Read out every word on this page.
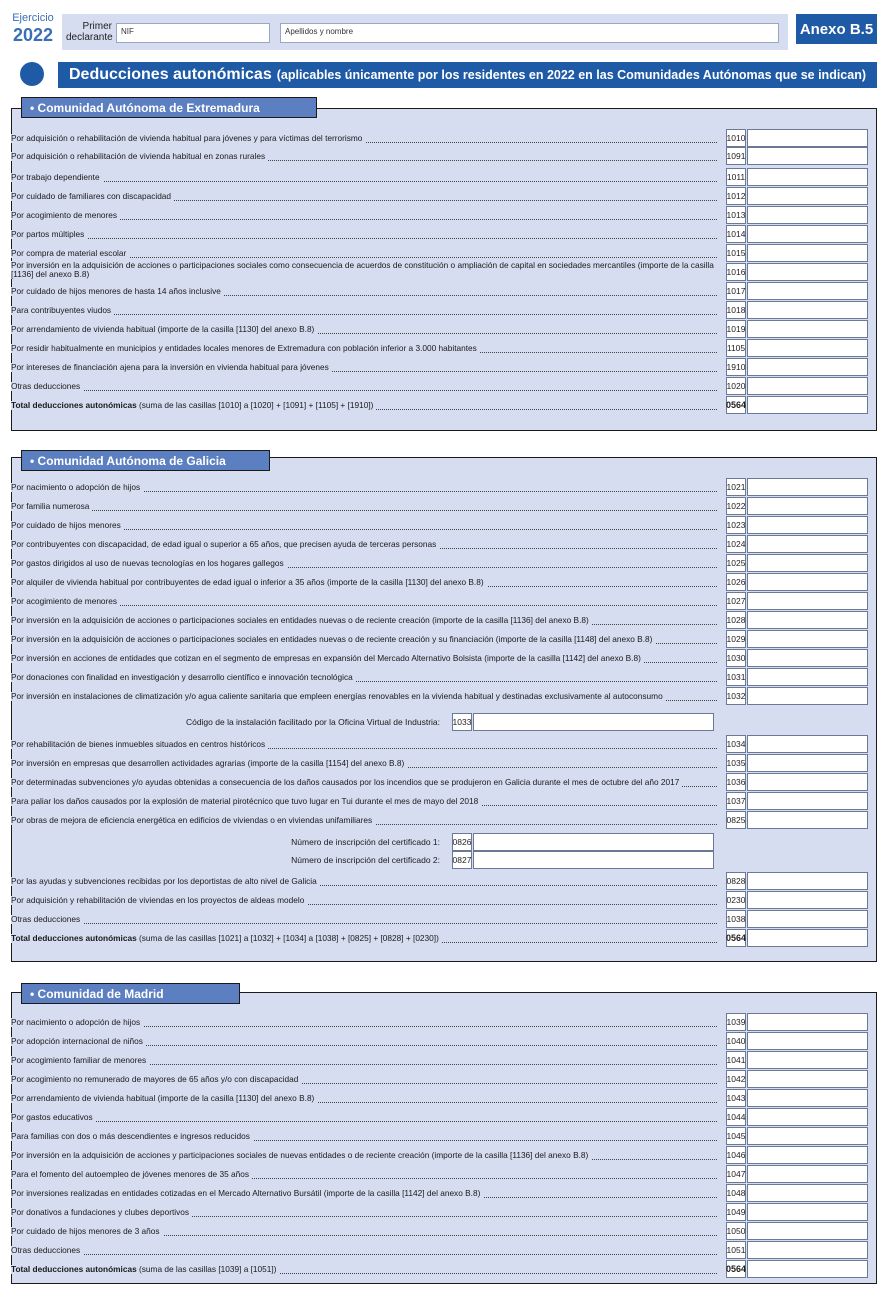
Ejercicio
2022	Primer declarante
NIF	Apellidos y nombre	Anexo B.5
Deducciones autonómicas (aplicables únicamente por los residentes en 2022 en las Comunidades Autónomas que se indican)
• Comunidad Autónoma de Extremadura
• Comunidad Autónoma de Galicia
• Comunidad de Madrid
Por adquisición o rehabilitación de vivienda habitual para jóvenes y para víctimas del terrorismo	1010
Por adquisición o rehabilitación de vivienda habitual en zonas rurales	1091
Por trabajo dependiente	1011
Por cuidado de familiares con discapacidad	1012
Por acogimiento de menores	1013
Por partos múltiples	1014
Por compra de material escolar	1015
Por inversión en la adquisición de acciones o participaciones sociales como consecuencia de acuerdos de constitución o ampliación de capital en sociedades mercantiles (importe de la casilla [1136] del anexo B.8)	1016
Por cuidado de hijos menores de hasta 14 años inclusive	1017
Para contribuyentes viudos	1018
Por arrendamiento de vivienda habitual (importe de la casilla [1130] del anexo B.8)	1019
Por residir habitualmente en municipios y entidades locales menores de Extremadura con población inferior a 3.000 habitantes	1105
Por intereses de financiación ajena para la inversión en vivienda habitual para jóvenes	1910
Otras deducciones	1020
Total deducciones autonómicas (suma de las casillas [1010] a [1020] + [1091] + [1105] + [1910])	0564
Por nacimiento o adopción de hijos	1021
Por familia numerosa	1022
Por cuidado de hijos menores	1023
Por contribuyentes con discapacidad, de edad igual o superior a 65 años, que precisen ayuda de terceras personas	1024
Por gastos dirigidos al uso de nuevas tecnologías en los hogares gallegos	1025
Por alquiler de vivienda habitual por contribuyentes de edad igual o inferior a 35 años (importe de la casilla [1130] del anexo B.8)	1026
Por acogimiento de menores	1027
Por inversión en la adquisición de acciones o participaciones sociales en entidades nuevas o de reciente creación (importe de la casilla [1136] del anexo B.8)	1028
Por inversión en la adquisición de acciones o participaciones sociales en entidades nuevas o de reciente creación y su financiación (importe de la casilla [1148] del anexo B.8)	1029
Por inversión en acciones de entidades que cotizan en el segmento de empresas en expansión del Mercado Alternativo Bolsista (importe de la casilla [1142] del anexo B.8)	1030
Por donaciones con finalidad en investigación y desarrollo científico e innovación tecnológica	1031
Por inversión en instalaciones de climatización y/o agua caliente sanitaria que empleen energías renovables en la vivienda habitual y destinadas exclusivamente al autoconsumo	1032
Código de la instalación facilitado por la Oficina Virtual de Industria: 1033
Por rehabilitación de bienes inmuebles situados en centros históricos	1034
Por inversión en empresas que desarrollen actividades agrarias (importe de la casilla [1154] del anexo B.8)	1035
Por determinadas subvenciones y/o ayudas obtenidas a consecuencia de los daños causados por los incendios que se produjeron en Galicia durante el mes de octubre del año 2017	1036
Para paliar los daños causados por la explosión de material pirotécnico que tuvo lugar en Tui durante el mes de mayo del 2018	1037
Por obras de mejora de eficiencia energética en edificios de viviendas o en viviendas unifamiliares	0825
Número de inscripción del certificado 1: 0826
Número de inscripción del certificado 2: 0827
Por las ayudas y subvenciones recibidas por los deportistas de alto nivel de Galicia	0828
Por adquisición y rehabilitación de viviendas en los proyectos de aldeas modelo	0230
Otras deducciones	1038
Total deducciones autonómicas (suma de las casillas [1021] a [1032] + [1034] a [1038] + [0825] + [0828] + [0230])	0564
Por nacimiento o adopción de hijos	1039
Por adopción internacional de niños	1040
Por acogimiento familiar de menores	1041
Por acogimiento no remunerado de mayores de 65 años y/o con discapacidad	1042
Por arrendamiento de vivienda habitual (importe de la casilla [1130] del anexo B.8)	1043
Por gastos educativos	1044
Para familias con dos o más descendientes e ingresos reducidos	1045
Por inversión en la adquisición de acciones y participaciones sociales de nuevas entidades o de reciente creación (importe de la casilla [1136] del anexo B.8)	1046
Para el fomento del autoempleo de jóvenes menores de 35 años	1047
Por inversiones realizadas en entidades cotizadas en el Mercado Alternativo Bursátil (importe de la casilla [1142] del anexo B.8)	1048
Por donativos a fundaciones y clubes deportivos	1049
Por cuidado de hijos menores de 3 años	1050
Otras deducciones	1051
Total deducciones autonómicas (suma de las casillas [1039] a [1051])	0564
